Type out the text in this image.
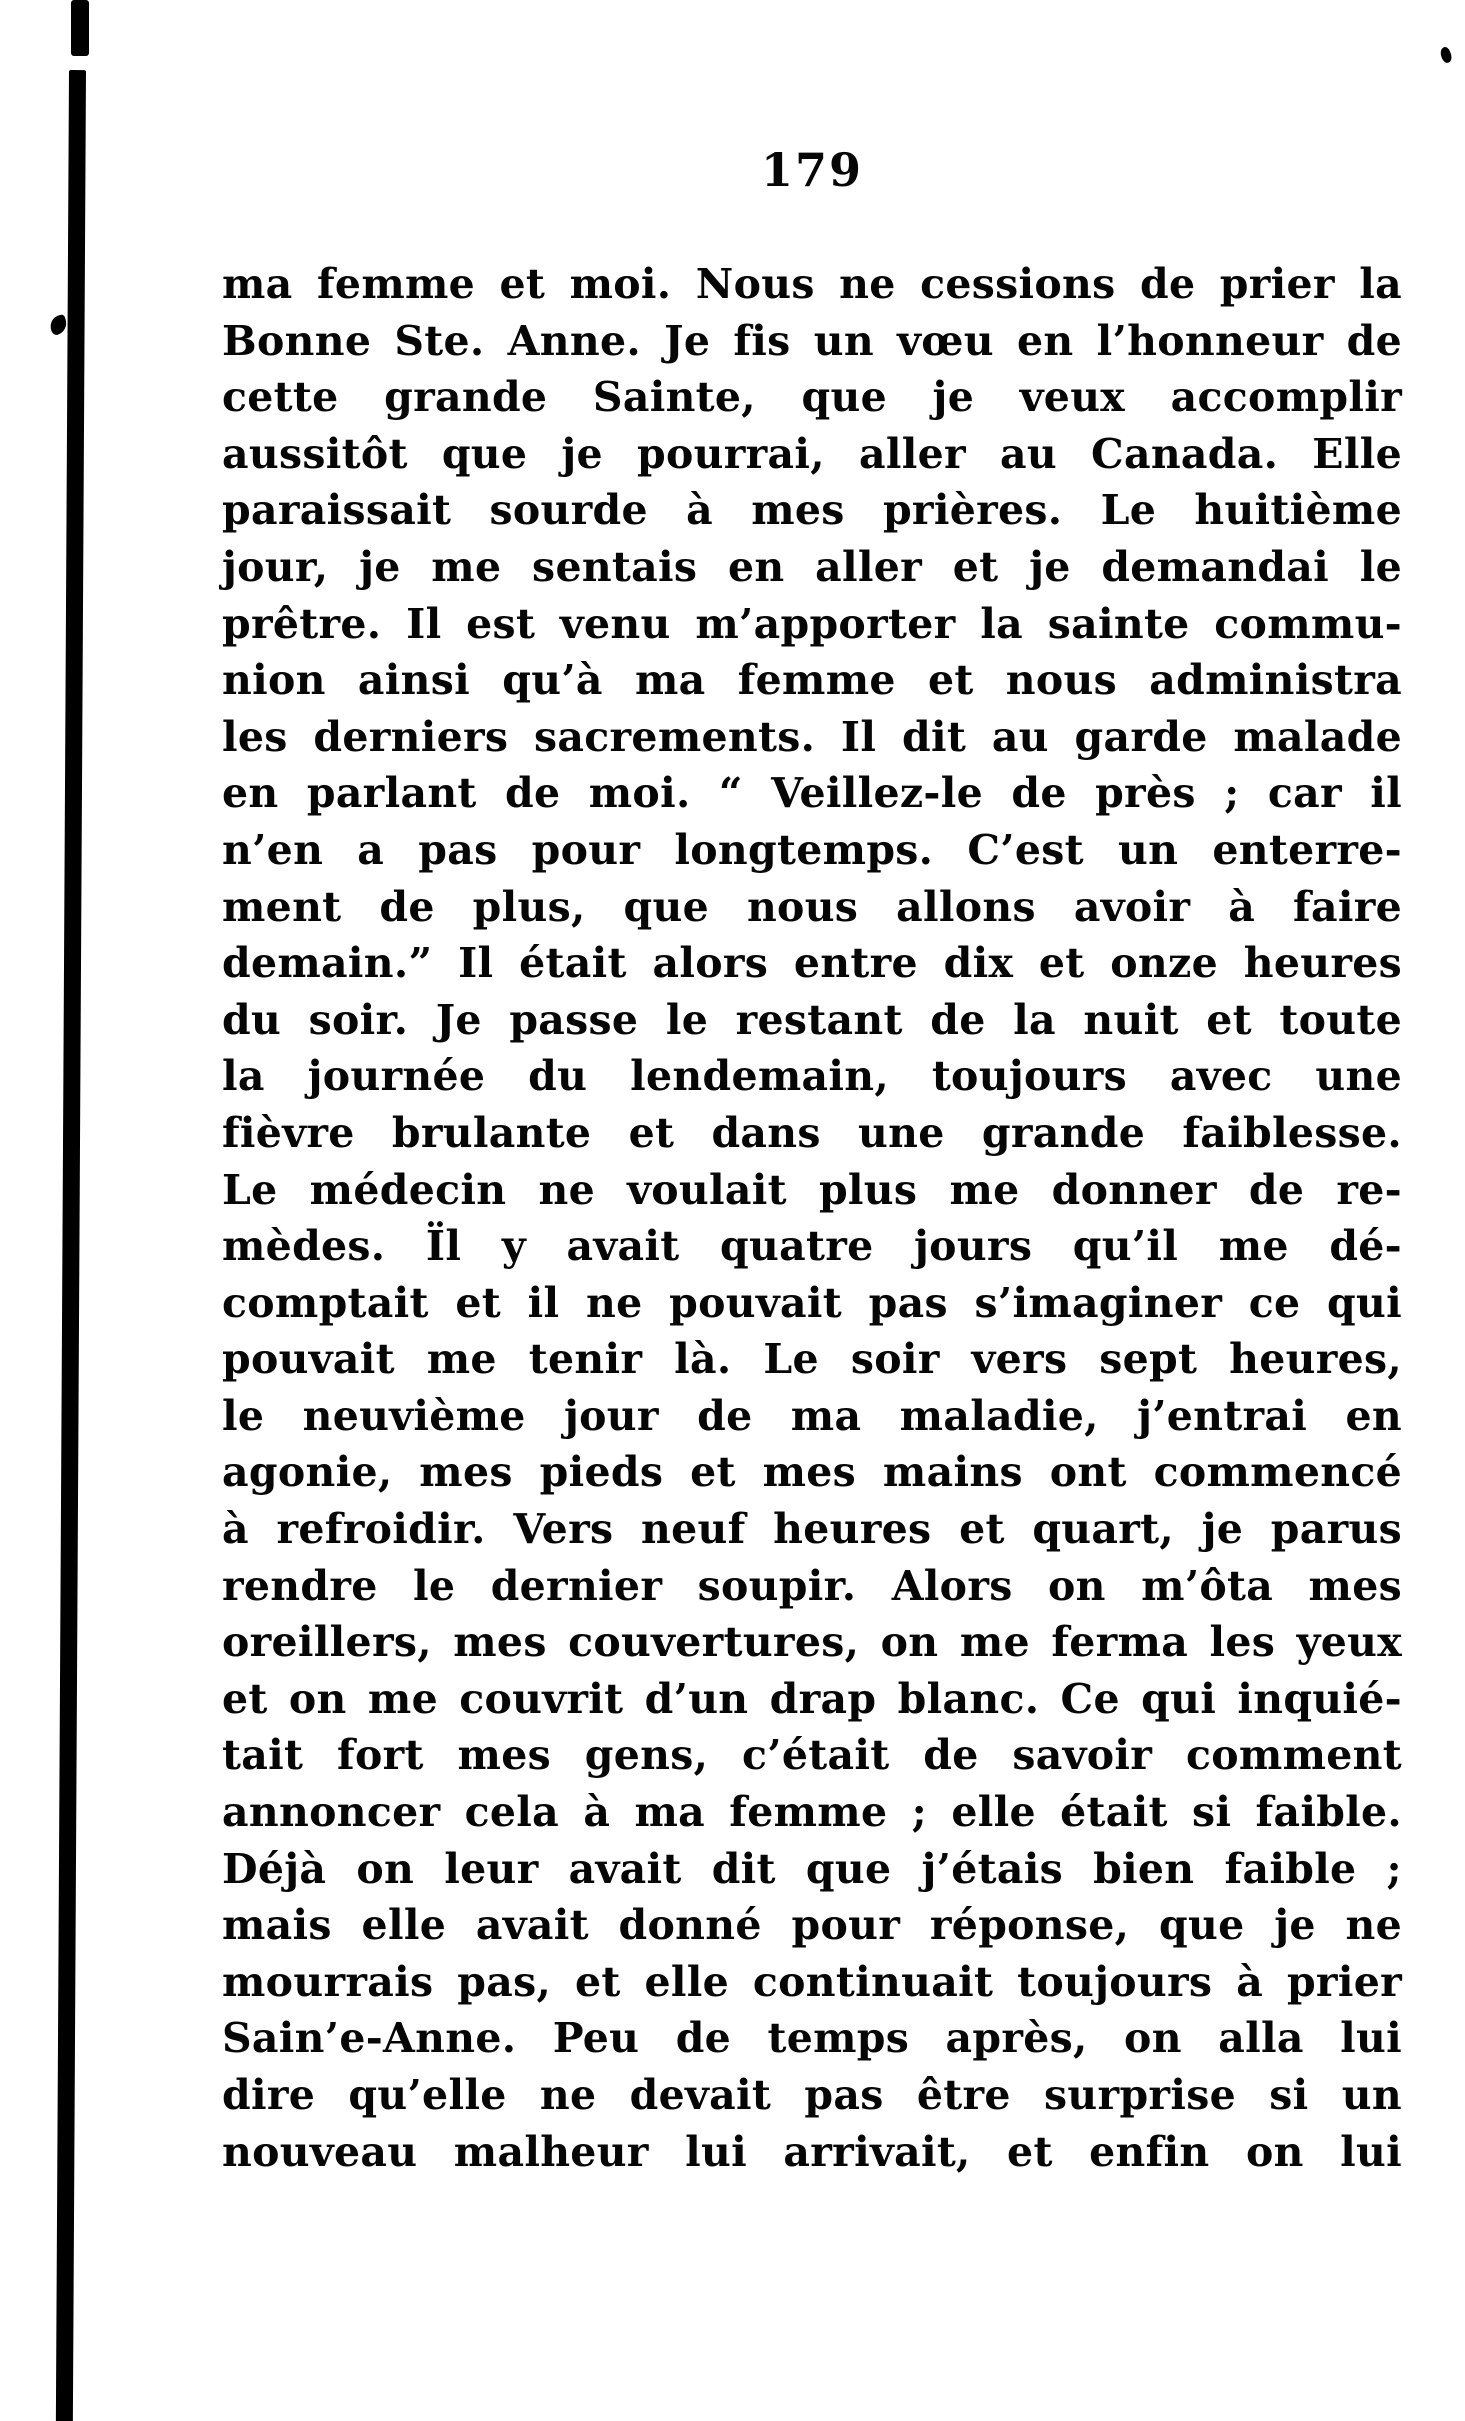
179
ma femme et moi. Nous ne cessions de prier la
Bonne Ste. Anne. Je fis un vœu en l’honneur de
cette grande Sainte, que je veux accomplir
aussitôt que je pourrai, aller au Canada. Elle
paraissait sourde à mes prières. Le huitième
jour, je me sentais en aller et je demandai le
prêtre. Il est venu m’apporter la sainte commu-
nion ainsi qu’à ma femme et nous administra
les derniers sacrements. Il dit au garde malade
en parlant de moi. “ Veillez-le de près ; car il
n’en a pas pour longtemps. C’est un enterre-
ment de plus, que nous allons avoir à faire
demain.” Il était alors entre dix et onze heures
du soir. Je passe le restant de la nuit et toute
la journée du lendemain, toujours avec une
fièvre brulante et dans une grande faiblesse.
Le médecin ne voulait plus me donner de re-
mèdes. Ïl y avait quatre jours qu’il me dé-
comptait et il ne pouvait pas s’imaginer ce qui
pouvait me tenir là. Le soir vers sept heures,
le neuvième jour de ma maladie, j’entrai en
agonie, mes pieds et mes mains ont commencé
à refroidir. Vers neuf heures et quart, je parus
rendre le dernier soupir. Alors on m’ôta mes
oreillers, mes couvertures, on me ferma les yeux
et on me couvrit d’un drap blanc. Ce qui inquié-
tait fort mes gens, c’était de savoir comment
annoncer cela à ma femme ; elle était si faible.
Déjà on leur avait dit que j’étais bien faible ;
mais elle avait donné pour réponse, que je ne
mourrais pas, et elle continuait toujours à prier
Sain’e-Anne. Peu de temps après, on alla lui
dire qu’elle ne devait pas être surprise si un
nouveau malheur lui arrivait, et enfin on lui
